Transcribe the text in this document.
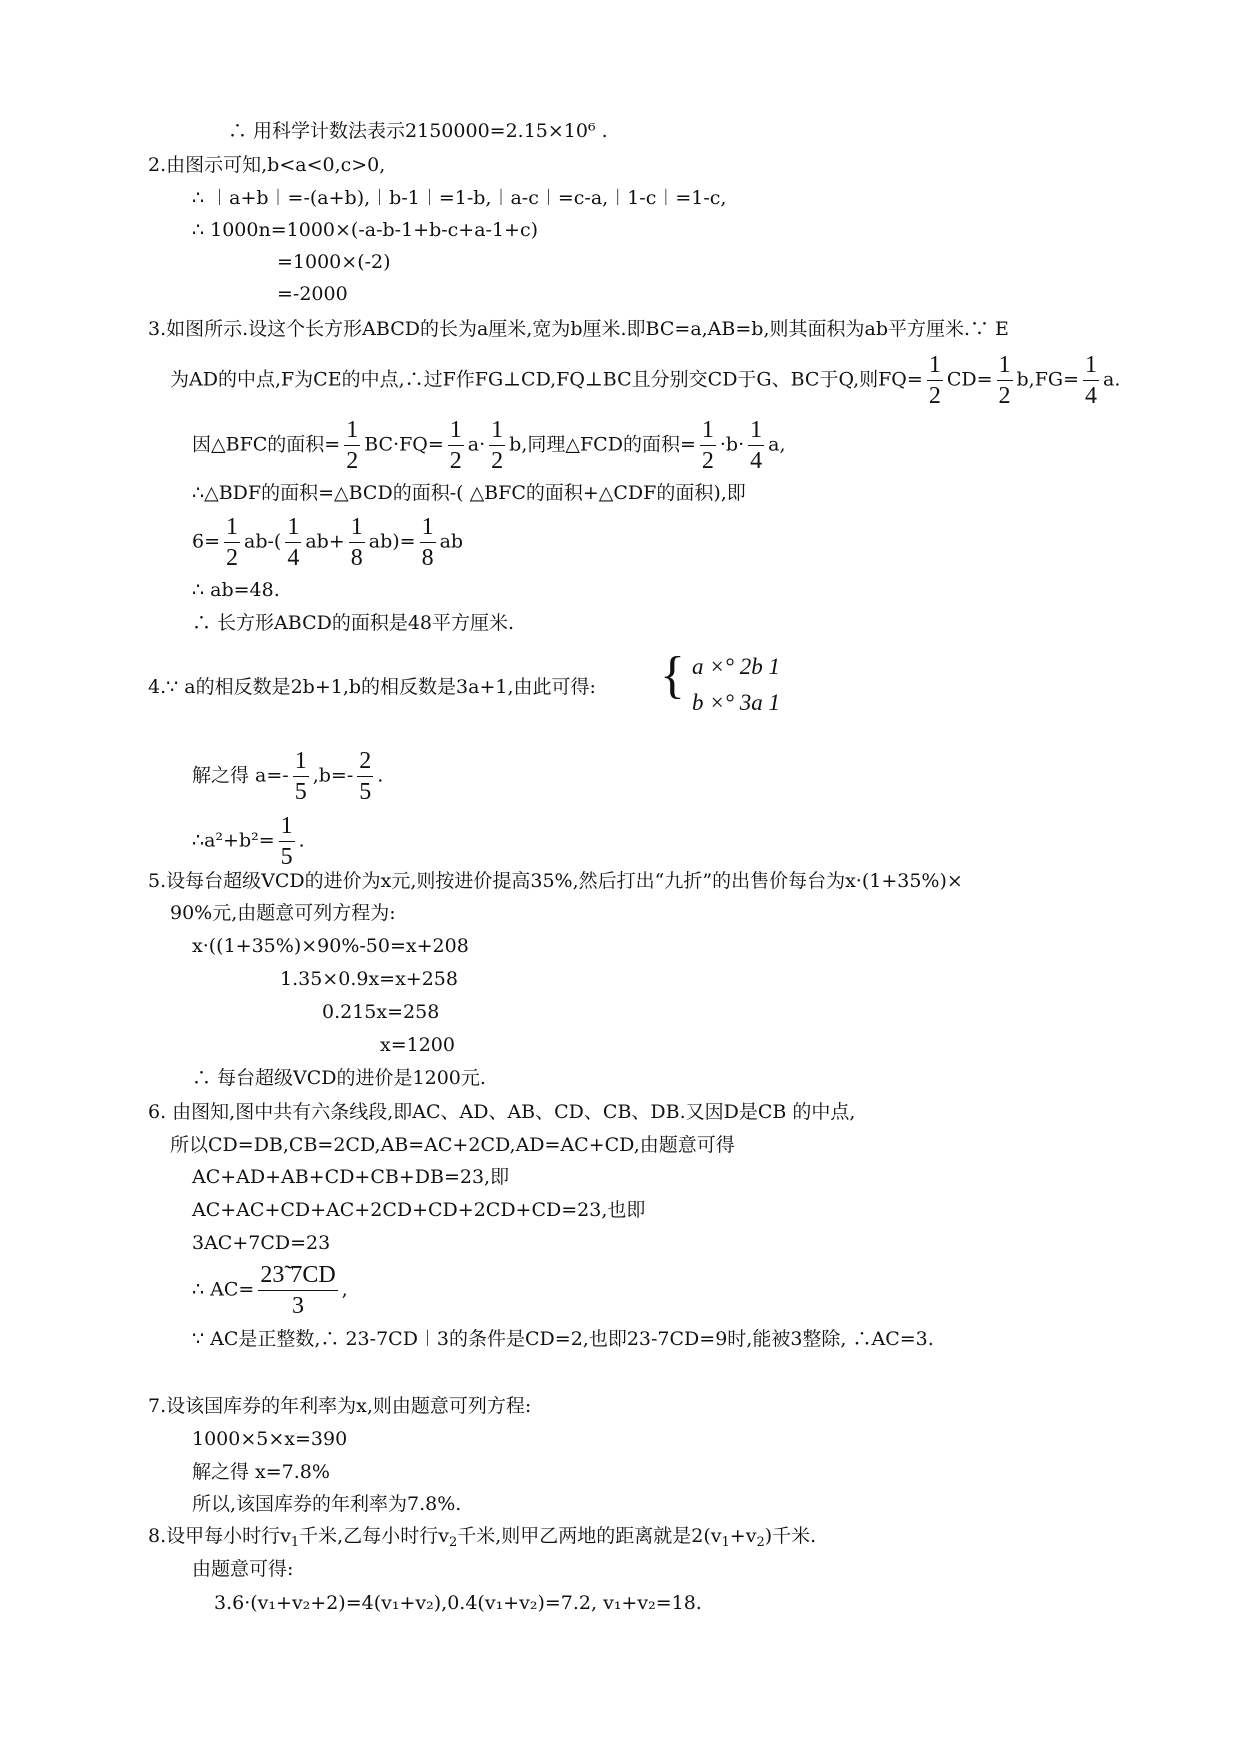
∴ 用科学计数法表示2150000=2.15×10⁶ .
2.由图示可知,b<a<0,c>0,
∴ ︱a+b︱=-(a+b),︱b-1︱=1-b,︱a-c︱=c-a,︱1-c︱=1-c,
∴ 1000n=1000×(-a-b-1+b-c+a-1+c)
=1000×(-2)
=-2000
3.如图所示.设这个长方形ABCD的长为a厘米,宽为b厘米.即BC=a,AB=b,则其面积为ab平方厘米.∵ E
为AD的中点,F为CE的中点,∴过F作FG⊥CD,FQ⊥BC且分别交CD于G、BC于Q,则$FQ= \frac{1}{2} CD= \frac{1}{2} b,FG= \frac{1}{4} a$.
因△BFC的面积= $\frac{1}{2} BC\cdot FQ= \frac{1}{2} a\cdot \frac{1}{2} b$,同理△FCD的面积= $\frac{1}{2} \cdot b\cdot \frac{1}{4} a$,
∴△BDF的面积=△BCD的面积-( △BFC的面积+△CDF的面积),即
$6= \frac{1}{2} ab-( \frac{1}{4} ab+ \frac{1}{8} ab)= \frac{1}{8}$ ab
∴ ab=48.
∴ 长方形ABCD的面积是48平方厘米.
4.∵ a的相反数是2b+1,b的相反数是3a+1,由此可得: { a ×° 2b 1
b ×° 3a 1
解之得 $a=- \frac{1}{5} ,b=- \frac{2}{5}$ .
∴a²+b²= $\frac{1}{5}$ .
5.设每台超级VCD的进价为x元,则按进价提高35%,然后打出“九折”的出售价每台为x·(1+35%)×
90%元,由题意可列方程为:
x·((1+35%)×90%-50=x+208
1.35×0.9x=x+258
0.215x=258
x=1200
∴ 每台超级VCD的进价是1200元.
6. 由图知,图中共有六条线段,即AC、AD、AB、CD、CB、DB.又因D是CB 的中点,
所以CD=DB,CB=2CD,AB=AC+2CD,AD=AC+CD,由题意可得
AC+AD+AB+CD+CB+DB=23,即
AC+AC+CD+AC+2CD+CD+2CD+CD=23,也即
3AC+7CD=23
∴ $AC= \frac{23̃ 7CD}{3}$ ,
∵ AC是正整数,∴ 23-7CD︱3的条件是CD=2,也即23-7CD=9时,能被3整除, ∴AC=3.
7.设该国库券的年利率为x,则由题意可列方程:
1000×5×x=390
解之得 x=7.8%
所以,该国库券的年利率为7.8%.
8.设甲每小时行$v_1$千米,乙每小时行$v_2$千米,则甲乙两地的距离就是$2(v_1+v_2)$千米.
由题意可得:
3.6·(v₁+v₂+2)=4(v₁+v₂),0.4(v₁+v₂)=7.2, v₁+v₂=18.
